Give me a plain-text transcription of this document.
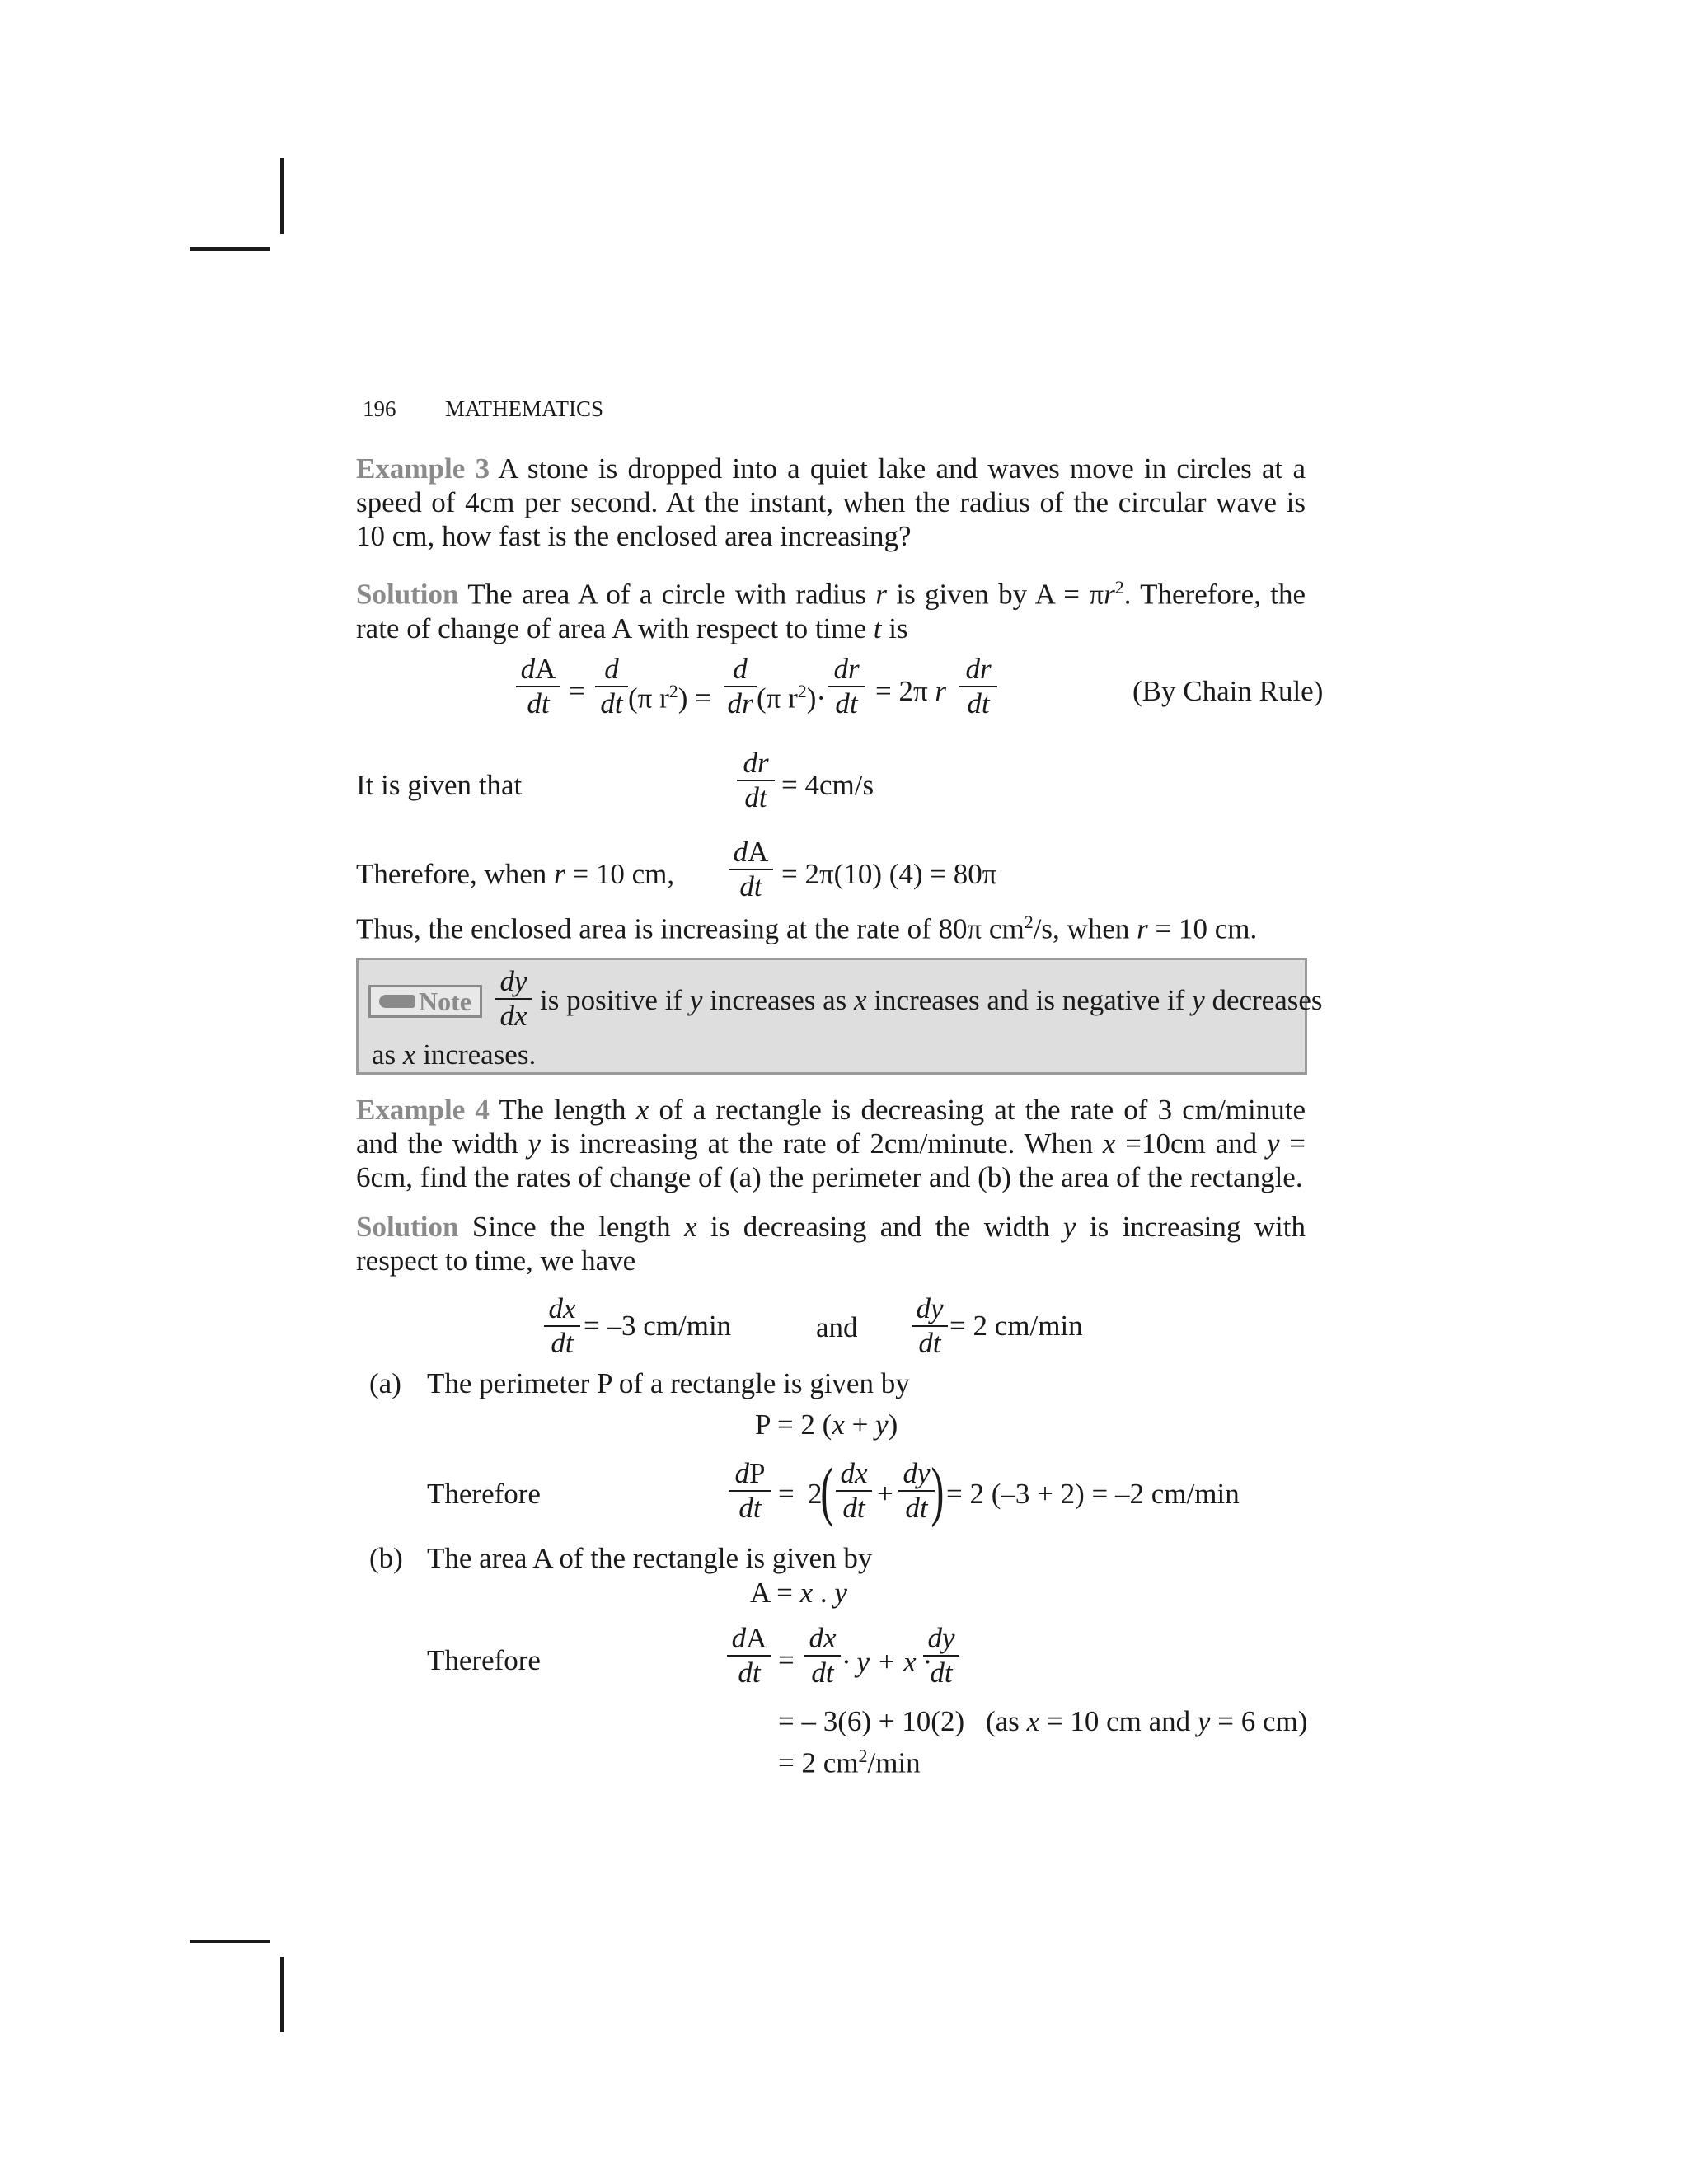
196 MATHEMATICS
Example 3 A stone is dropped into a quiet lake and waves move in circles at a speed of 4cm per second. At the instant, when the radius of the circular wave is 10 cm, how fast is the enclosed area increasing?
Solution The area A of a circle with radius r is given by $A = \pi r^2$. Therefore, the rate of change of area A with respect to time t is
$\frac{dA}{dt} = \frac{d}{dt} (\pi$ $r^2) = \frac{d}{dr} (\pi$ $r^2)\cdot \frac{dr}{dt} = 2\pi$ r $\frac{dr}{dt}$	(By Chain Rule)
It is given that	$\frac{dr}{dt} = 4cm/s$
Therefore, when r = 10 cm, $\frac{dA}{dt} = 2\pi(10) (4) = 80\pi$
Thus, the enclosed area is increasing at the rate of 80π $cm^2/s$, when r = 10 cm.
Note $\frac{dy}{dx}$ is positive if y increases as x increases and is negative if y decreases
as x increases.
Example 4 The length x of a rectangle is decreasing at the rate of 3 cm/minute and the width y is increasing at the rate of 2cm/minute. When x =10cm and y = 6cm, find the rates of change of (a) the perimeter and (b) the area of the rectangle.
Solution Since the length x is decreasing and the width y is increasing with respect to time, we have
$\frac{dx}{dt} = -3$ cm/min	and $\frac{dy}{dt} = 2$ cm/min
(a) The perimeter P of a rectangle is given by
P = 2 (x + y)
Therefore	$\frac{dP}{dt} = 2$
( $\frac{dx}{dt} + \frac{dy}{dt}$
) = 2 (–3 + 2) = –2 cm/min
(b) The area A of the rectangle is given by
A = x . y
Therefore	$\frac{dA}{dt} = \frac{dx}{dt} \cdot y + x$ ·
$\frac{dy}{dt}$
= – 3(6) + 10(2) (as x = 10 cm and y = 6 cm)
= 2 $cm^2/\min$
